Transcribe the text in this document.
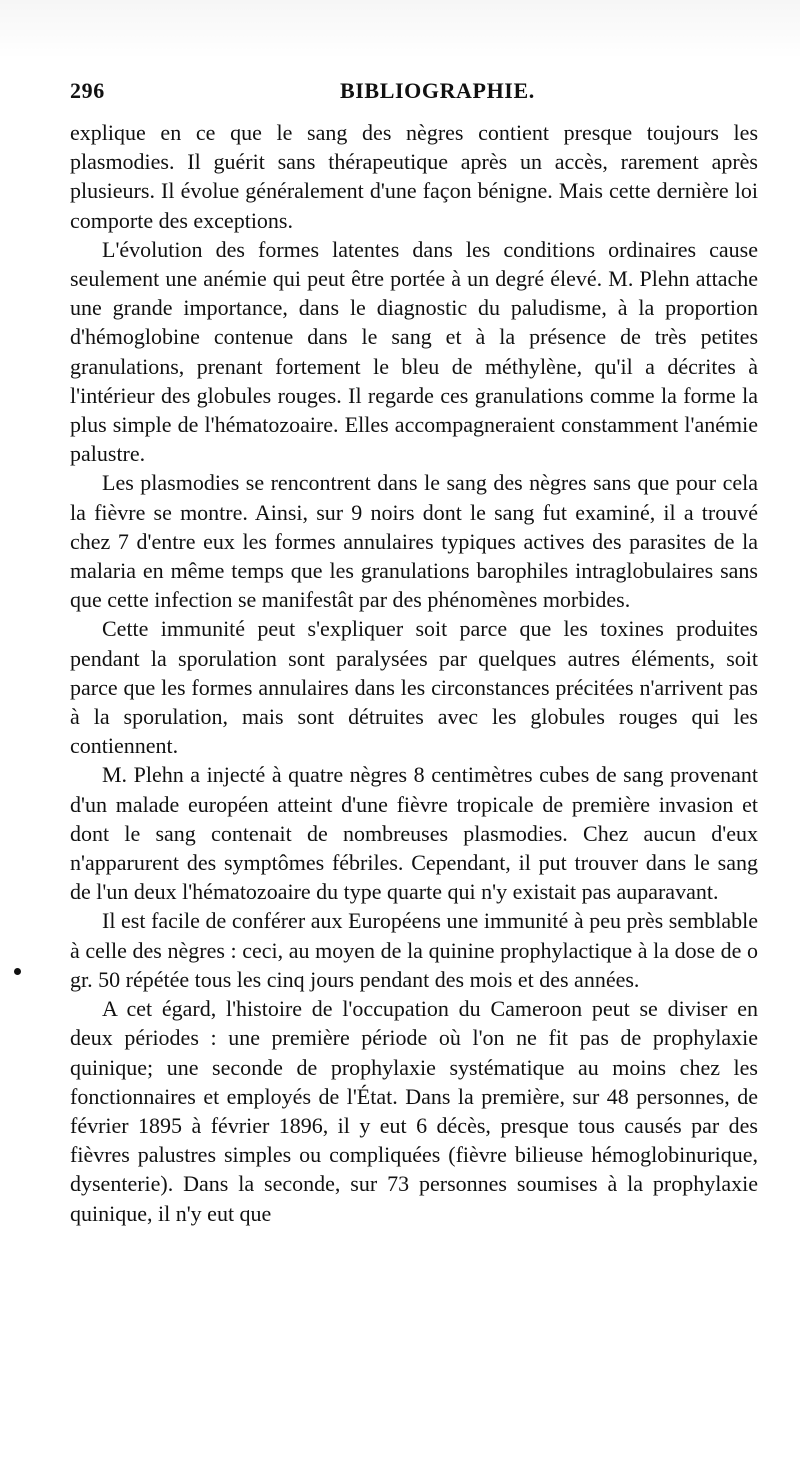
296	BIBLIOGRAPHIE.

explique en ce que le sang des nègres contient presque toujours les plasmodies. Il guérit sans thérapeutique après un accès, rarement après plusieurs. Il évolue généralement d'une façon bénigne. Mais cette dernière loi comporte des exceptions.

L'évolution des formes latentes dans les conditions ordinaires cause seulement une anémie qui peut être portée à un degré élevé. M. Plehn attache une grande importance, dans le diagnostic du paludisme, à la proportion d'hémoglobine contenue dans le sang et à la présence de très petites granulations, prenant fortement le bleu de méthylène, qu'il a décrites à l'intérieur des globules rouges. Il regarde ces granulations comme la forme la plus simple de l'hématozoaire. Elles accompagneraient constamment l'anémie palustre.

Les plasmodies se rencontrent dans le sang des nègres sans que pour cela la fièvre se montre. Ainsi, sur 9 noirs dont le sang fut examiné, il a trouvé chez 7 d'entre eux les formes annulaires typiques actives des parasites de la malaria en même temps que les granulations barophiles intraglobulaires sans que cette infection se manifestât par des phénomènes morbides.

Cette immunité peut s'expliquer soit parce que les toxines produites pendant la sporulation sont paralysées par quelques autres éléments, soit parce que les formes annulaires dans les circonstances précitées n'arrivent pas à la sporulation, mais sont détruites avec les globules rouges qui les contiennent.

M. Plehn a injecté à quatre nègres 8 centimètres cubes de sang provenant d'un malade européen atteint d'une fièvre tropicale de première invasion et dont le sang contenait de nombreuses plasmodies. Chez aucun d'eux n'apparurent des symptômes fébriles. Cependant, il put trouver dans le sang de l'un deux l'hématozoaire du type quarte qui n'y existait pas auparavant.

Il est facile de conférer aux Européens une immunité à peu près semblable à celle des nègres : ceci, au moyen de la quinine prophylactique à la dose de o gr. 50 répétée tous les cinq jours pendant des mois et des années.

A cet égard, l'histoire de l'occupation du Cameroon peut se diviser en deux périodes : une première période où l'on ne fit pas de prophylaxie quinique; une seconde de prophylaxie systématique au moins chez les fonctionnaires et employés de l'État. Dans la première, sur 48 personnes, de février 1895 à février 1896, il y eut 6 décès, presque tous causés par des fièvres palustres simples ou compliquées (fièvre bilieuse hémoglobinurique, dysenterie). Dans la seconde, sur 73 personnes soumises à la prophylaxie quinique, il n'y eut que
